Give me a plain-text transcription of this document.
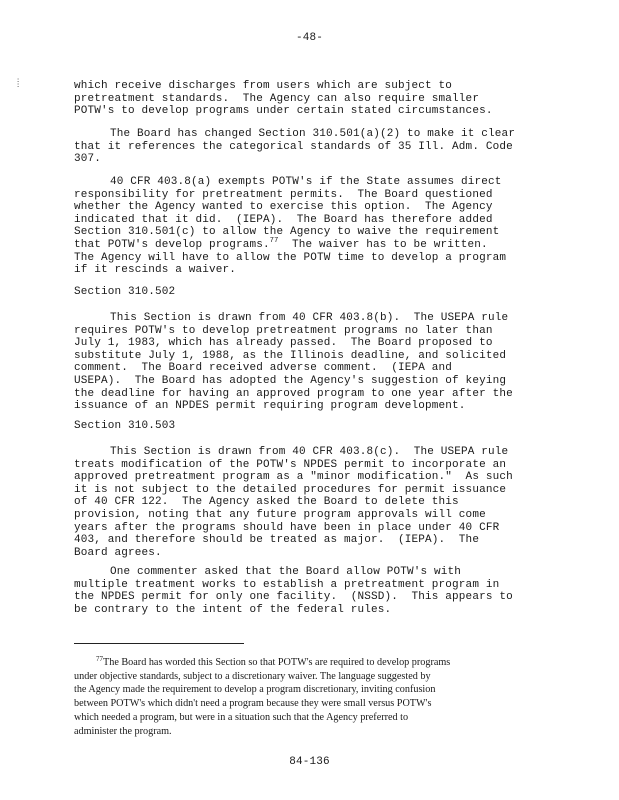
-48-
:
:	which receive discharges from users which are subject to
pretreatment standards.  The Agency can also require smaller
POTW's to develop programs under certain stated circumstances.
The Board has changed Section 310.501(a)(2) to make it clear
that it references the categorical standards of 35 Ill. Adm. Code
307.
40 CFR 403.8(a) exempts POTW's if the State assumes direct
responsibility for pretreatment permits.  The Board questioned
whether the Agency wanted to exercise this option.  The Agency
indicated that it did.  (IEPA).  The Board has therefore added
Section 310.501(c) to allow the Agency to waive the requirement
that POTW's develop programs.$^{77}$  The waiver has to be written.
The Agency will have to allow the POTW time to develop a program
if it rescinds a waiver.
Section 310.502
This Section is drawn from 40 CFR 403.8(b).  The USEPA rule
requires POTW's to develop pretreatment programs no later than
July 1, 1983, which has already passed.  The Board proposed to
substitute July 1, 1988, as the Illinois deadline, and solicited
comment.  The Board received adverse comment.  (IEPA and
USEPA).  The Board has adopted the Agency's suggestion of keying
the deadline for having an approved program to one year after the
issuance of an NPDES permit requiring program development.
Section 310.503
This Section is drawn from 40 CFR 403.8(c).  The USEPA rule
treats modification of the POTW's NPDES permit to incorporate an
approved pretreatment program as a "minor modification."  As such
it is not subject to the detailed procedures for permit issuance
of 40 CFR 122.  The Agency asked the Board to delete this
provision, noting that any future program approvals will come
years after the programs should have been in place under 40 CFR
403, and therefore should be treated as major.  (IEPA).  The
Board agrees.
One commenter asked that the Board allow POTW's with
multiple treatment works to establish a pretreatment program in
the NPDES permit for only one facility.  (NSSD).  This appears to
be contrary to the intent of the federal rules.
$^{77}$The Board has worded this Section so that POTW's are required to develop programs
under objective standards, subject to a discretionary waiver. The language suggested by
the Agency made the requirement to develop a program discretionary, inviting confusion
between POTW's which didn't need a program because they were small versus POTW's
which needed a program, but were in a situation such that the Agency preferred to
administer the program.
84-136
